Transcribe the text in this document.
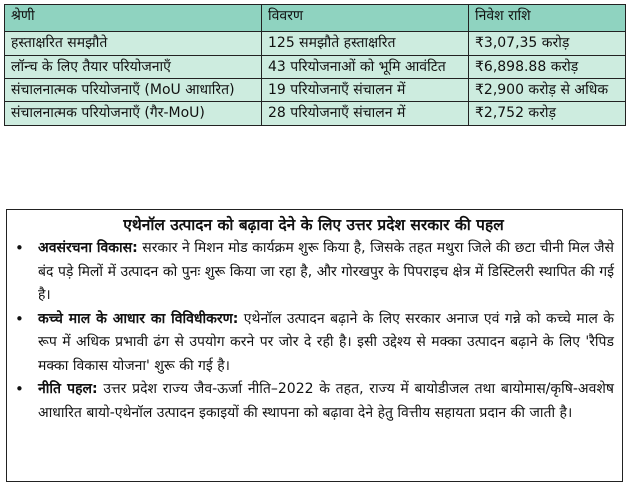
श्रेणी	विवरण	निवेश राशि
हस्ताक्षरित समझौते	125 समझौते हस्ताक्षरित	₹3,07,35 करोड़
लॉन्च के लिए तैयार परियोजनाएँ	43 परियोजनाओं को भूमि आवंटित	₹6,898.88 करोड़
संचालनात्मक परियोजनाएँ (MoU आधारित)	19 परियोजनाएँ संचालन में	₹2,900 करोड़ से अधिक
संचालनात्मक परियोजनाएँ (गैर-MoU)	28 परियोजनाएँ संचालन में	₹2,752 करोड़
एथेनॉल उत्पादन को बढ़ावा देने के लिए उत्तर प्रदेश सरकार की पहल
• अवसंरचना विकास: सरकार ने मिशन मोड कार्यक्रम शुरू किया है, जिसके तहत मथुरा जिले की छटा चीनी मिल जैसे बंद पड़े मिलों में उत्पादन को पुनः शुरू किया जा रहा है, और गोरखपुर के पिपराइच क्षेत्र में डिस्टिलरी स्थापित की गई है।
• कच्चे माल के आधार का विविधीकरण: एथेनॉल उत्पादन बढ़ाने के लिए सरकार अनाज एवं गन्ने को कच्चे माल के रूप में अधिक प्रभावी ढंग से उपयोग करने पर जोर दे रही है। इसी उद्देश्य से मक्का उत्पादन बढ़ाने के लिए 'रैपिड मक्का विकास योजना' शुरू की गई है।
• नीति पहल: उत्तर प्रदेश राज्य जैव-ऊर्जा नीति–2022 के तहत, राज्य में बायोडीजल तथा बायोमास/कृषि-अवशेष आधारित बायो-एथेनॉल उत्पादन इकाइयों की स्थापना को बढ़ावा देने हेतु वित्तीय सहायता प्रदान की जाती है।
